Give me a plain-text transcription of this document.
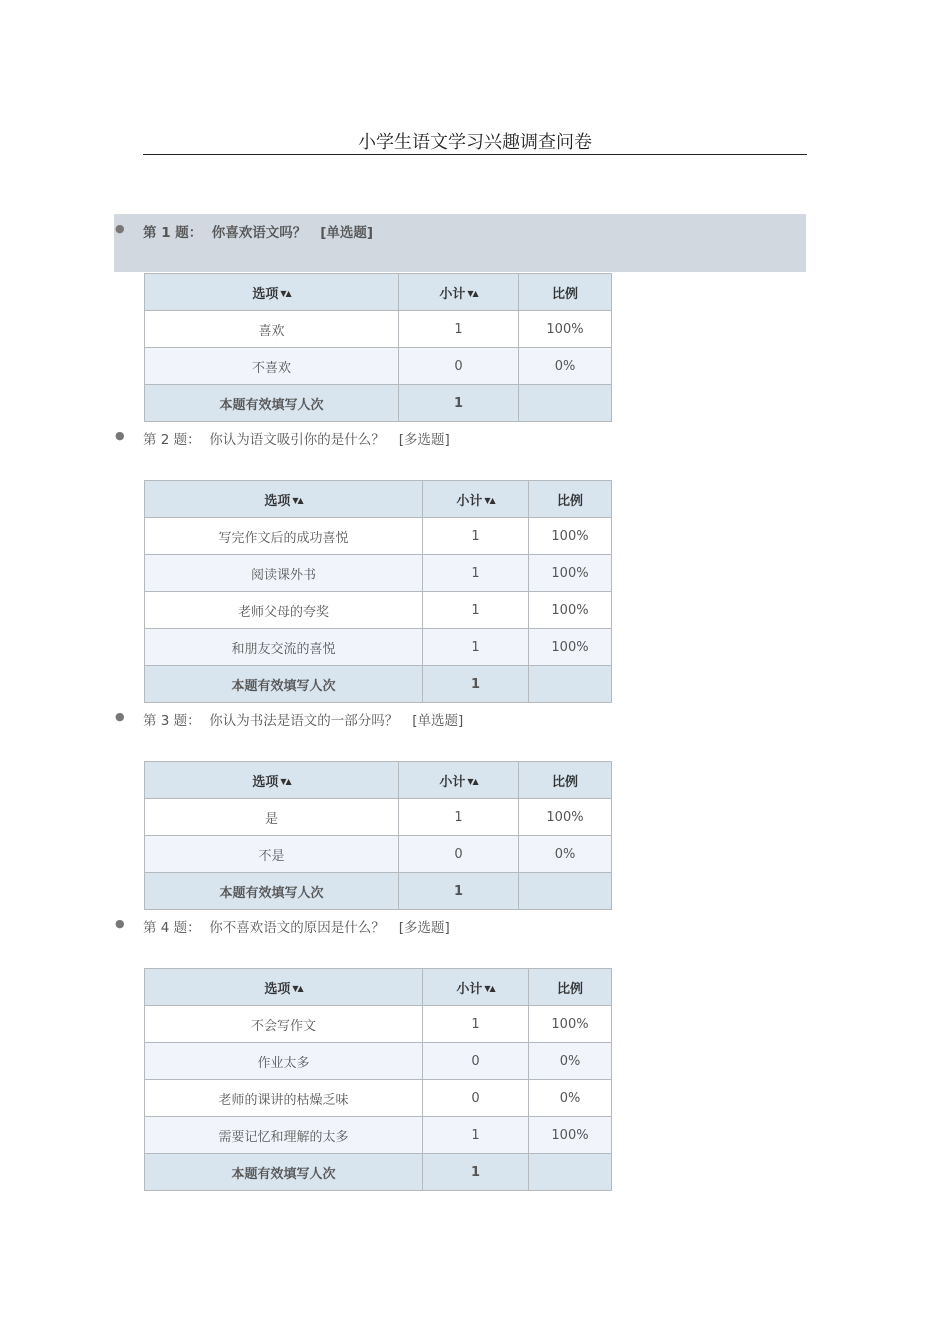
小学生语文学习兴趣调查问卷
● 第 1 题：  你喜欢语文吗？ [单选题]
选项 ▼▲	小计 ▼▲	比例
喜欢	1	100%
不喜欢	0	0%
本题有效填写人次	1	
● 第 2 题：  你认为语文吸引你的是什么？ [多选题]
选项 ▼▲	小计 ▼▲	比例
写完作文后的成功喜悦	1	100%
阅读课外书	1	100%
老师父母的夸奖	1	100%
和朋友交流的喜悦	1	100%
本题有效填写人次	1	
● 第 3 题：  你认为书法是语文的一部分吗？ [单选题]
选项 ▼▲	小计 ▼▲	比例
是	1	100%
不是	0	0%
本题有效填写人次	1	
● 第 4 题：  你不喜欢语文的原因是什么？ [多选题]
选项 ▼▲	小计 ▼▲	比例
不会写作文	1	100%
作业太多	0	0%
老师的课讲的枯燥乏味	0	0%
需要记忆和理解的太多	1	100%
本题有效填写人次	1	
